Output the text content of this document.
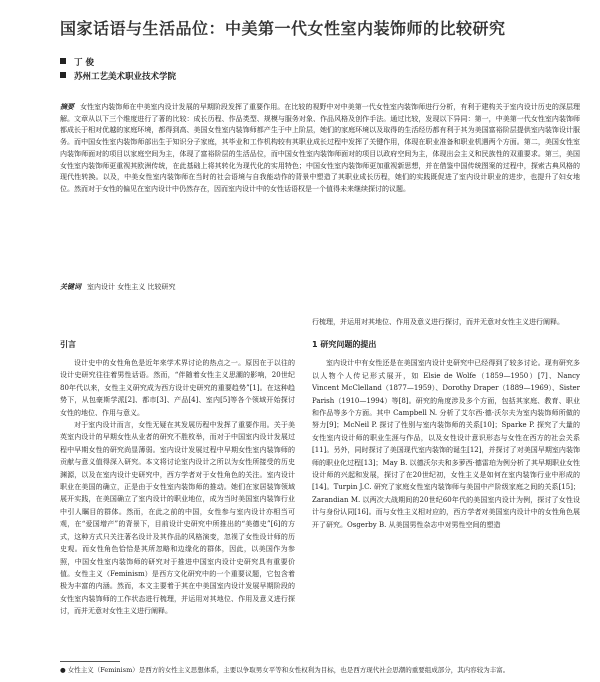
国家话语与生活品位：中美第一代女性室内装饰师的比较研究
丁 俊
苏州工艺美术职业技术学院
摘要 女性室内装饰师在中美室内设计发展的早期阶段发挥了重要作用。在比较的视野中对中美第一代女性室内装饰师进行分析，有利于建构关于室内设计历史的深层理解。文章从以下三个维度进行了著的比较：成长历程、作品类型、规模与服务对象、作品风格及创作手法。通过比较，发现以下异同：第一，中美第一代女性室内装饰师都成长于相对优越的家庭环境，都得到高、美国女性室内装饰师都产生于中上阶层，她们的家庭环境以及取得的生活经历都有利于其为美国富裕阶层提供室内装饰设计服务。而中国女性室内装饰师部出生于知识分子家庭，其毕业和工作机构较有其职业成长过程中发挥了关键作用，体现在职业准备和职业机遇两个方面。第二，美国女性室内装饰师面对的项目以家庭空间为主，体现了富裕阶层的生活品位，而中国女性室内装饰师面对的项目以政府空间为主，体现出会主义和民族性的双重要求。第三，美国女性室内装饰师更重视其欧洲传统，在此基础上将其转化为现代化的实用特色；中国女性室内装饰师更加重视新思想，并在借鉴中国传统图案的过程中，探索古典风格的现代性转换。以及，中美女性室内装饰师在当时的社会语境与自我能动作的背景中塑造了其职业成长历程，她们的实践既促进了室内设计职业的进步，也提升了妇女地位。然而对于女性的偏见在室内设计中仍然存在，因而室内设计中的女性话语权是一个值得未来继续探讨的议题。
关键词 室内设计 女性主义 比较研究
引言

设计史中的女性角色是近年来学术界讨论的热点之一。原因在于以往的设计史研究往往着男性话语。然而，“伴随着女性主义思潮的影响，20世纪80年代以来，女性主义研究成为西方设计史研究的重要趋势”[1]。在这种趋势下，从包豪斯学派[2]、都市[3]、产品[4]、室内[5]等各个领域开始探讨女性的地位、作用与意义。

对于室内设计而言，女性无疑在其发展历程中发挥了重要作用。关于美英室内设计的早期女性从业者的研究不胜枚举，而对于中国室内设计发展过程中早期女性的研究尚显薄弱。室内设计发展过程中早期女性室内装饰师的贡献与意义值得深入研究。本文将讨论室内设计之所以为女性所接受的历史渊源，以及在室内设计史研究中，西方学者对于女性角色的关注。室内设计职业在美国的确立，正是由于女性室内装饰师的推动。她们在家居装饰领域展开实践，在美国确立了室内设计的职业地位，成为当时美国室内装饰行业中引人瞩目的群体。然而，在此之前的中国，女性参与室内设计亦相当可观，在“爱国增产”的背景下，目前设计史研究中所推出的“美德史”[6]的方式，这种方式只关注著名设计及其作品的风格演变，忽视了女性设计师的历史观。而女性角色恰恰是其所忽略和边缘化的群体，因此，以美国作为参照，中国女性室内装饰师的研究对于推进中国室内设计史研究具有重要价值。女性主义（Feminism）是西方文化研究中的一个重要议题，它包含着极为丰富的内涵。然而，本文主要着于其在中美国室内设计发展早期阶段的女性室内装饰师的工作状态进行梳理，并运用对其地位、作用及意义进行探讨，而并无意对女性主义进行阐释。

行梳理，并运用对其地位、作用及意义进行探讨，而并无意对女性主义进行阐释。

1 研究问题的提出

室内设计中有女性还是在美国室内设计史研究中已经得到了较多讨论。现有研究多以人物个人传记形式展开，如 Elsie de Wolfe（1859—1950）[7]、Nancy Vincent McClelland（1877—1959）、Dorothy Draper（1889—1969）、Sister Parish（1910—1994）等[8]。研究的角度涉及多个方面，包括其家庭、教育、职业和作品等多个方面。其中 Campbell N. 分析了艾尔西·德·沃尔夫为室内装饰师所做的努力[9]；McNeil P. 探讨了性别与室内装饰师的关系[10]；Sparke P. 探究了大量的女性室内设计师的职业生涯与作品，以及女性设计意识形态与女性在西方的社会关系[11]。另外，同时探讨了美国现代室内装饰的诞生[12]，并探讨了对美国早期室内装饰师的职业化过程[13]；May B. 以德沃尔夫和多萝西·德雷珀为例分析了其早期职业女性设计师的兴起和发展，探讨了在20世纪初，女性主义是如何在室内装饰行业中形成的[14]。Turpin J.C. 研究了家庭女性室内装饰师与美国中产阶级家庭之间的关系[15]；Zarandian M. 以两次大战期间的20世纪60年代的美国室内设计为例，探讨了女性设计与身份认同[16]。而与女性主义相对应的，西方学者对美国室内设计中的女性角色展开了研究。Osgerby B. 从美国男性杂志中对男性空间的塑造

● 女性主义（Feminism）是西方的女性主义思想体系，主要以争取男女平等和女性权利为目标，也是西方现代社会思潮的重要组成部分，其内容较为丰富。
